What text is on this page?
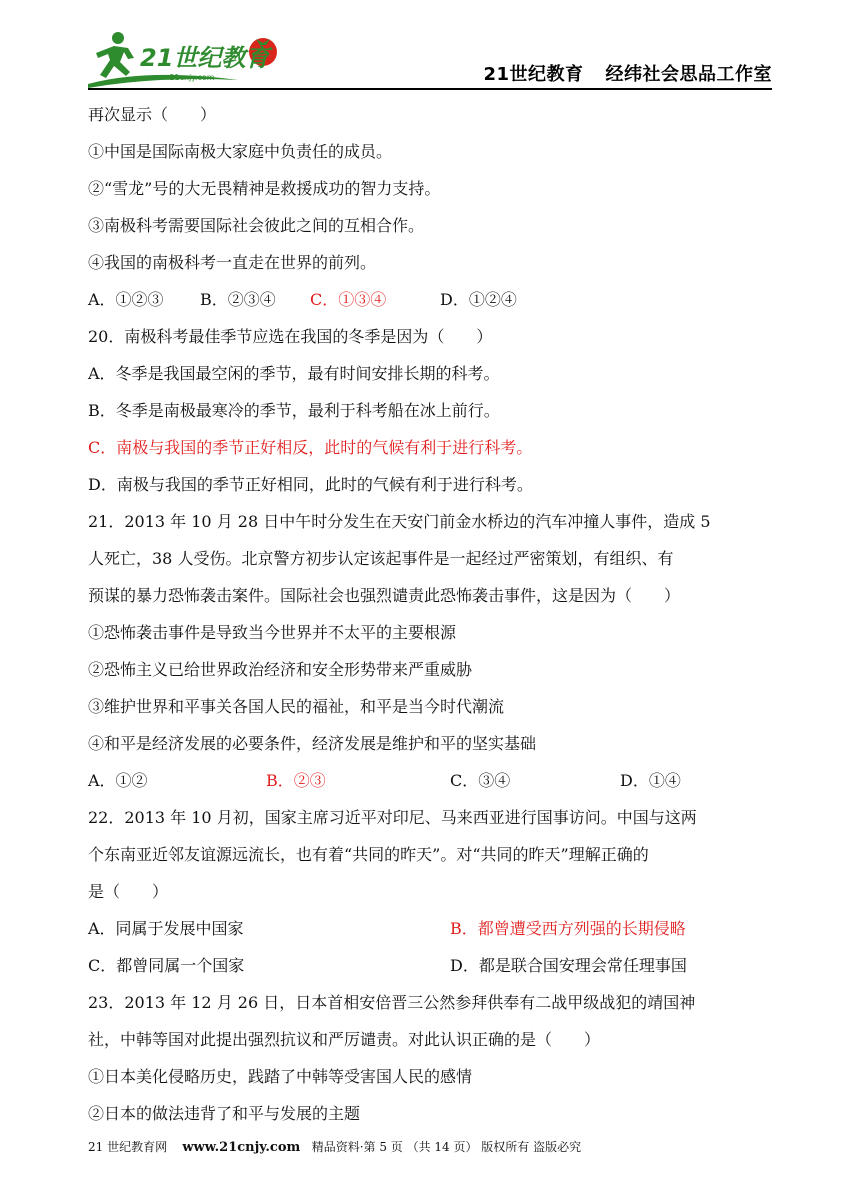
21世纪教育
www.21cnjy.com	21世纪教育 经纬社会思品工作室
再次显示（　　）
①中国是国际南极大家庭中负责任的成员。
②“雪龙”号的大无畏精神是救援成功的智力支持。
③南极科考需要国际社会彼此之间的互相合作。
④我国的南极科考一直走在世界的前列。
A．①②③ B．②③④ C．①③④	D．①②④
20．南极科考最佳季节应选在我国的冬季是因为（　　）
A．冬季是我国最空闲的季节，最有时间安排长期的科考。
B．冬季是南极最寒冷的季节，最利于科考船在冰上前行。
C．南极与我国的季节正好相反，此时的气候有利于进行科考。
D．南极与我国的季节正好相同，此时的气候有利于进行科考。
21．2013 年 10 月 28 日中午时分发生在天安门前金水桥边的汽车冲撞人事件，造成 5
人死亡，38 人受伤。北京警方初步认定该起事件是一起经过严密策划，有组织、有
预谋的暴力恐怖袭击案件。国际社会也强烈谴责此恐怖袭击事件，这是因为（　　）
①恐怖袭击事件是导致当今世界并不太平的主要根源
②恐怖主义已给世界政治经济和安全形势带来严重威胁
③维护世界和平事关各国人民的福祉，和平是当今时代潮流
④和平是经济发展的必要条件，经济发展是维护和平的坚实基础
A．①②	B．②③	C．③④	D．①④
22．2013 年 10 月初，国家主席习近平对印尼、马来西亚进行国事访问。中国与这两
个东南亚近邻友谊源远流长，也有着“共同的昨天”。对“共同的昨天”理解正确的
是（　　）
A．同属于发展中国家	B．都曾遭受西方列强的长期侵略
C．都曾同属一个国家	D．都是联合国安理会常任理事国
23．2013 年 12 月 26 日，日本首相安倍晋三公然参拜供奉有二战甲级战犯的靖国神
社，中韩等国对此提出强烈抗议和严厉谴责。对此认识正确的是（　　）
①日本美化侵略历史，践踏了中韩等受害国人民的感情
②日本的做法违背了和平与发展的主题
21 世纪教育网 www.21cnjy.com 精品资料·第 5 页 （共 14 页） 版权所有 盗版必究
